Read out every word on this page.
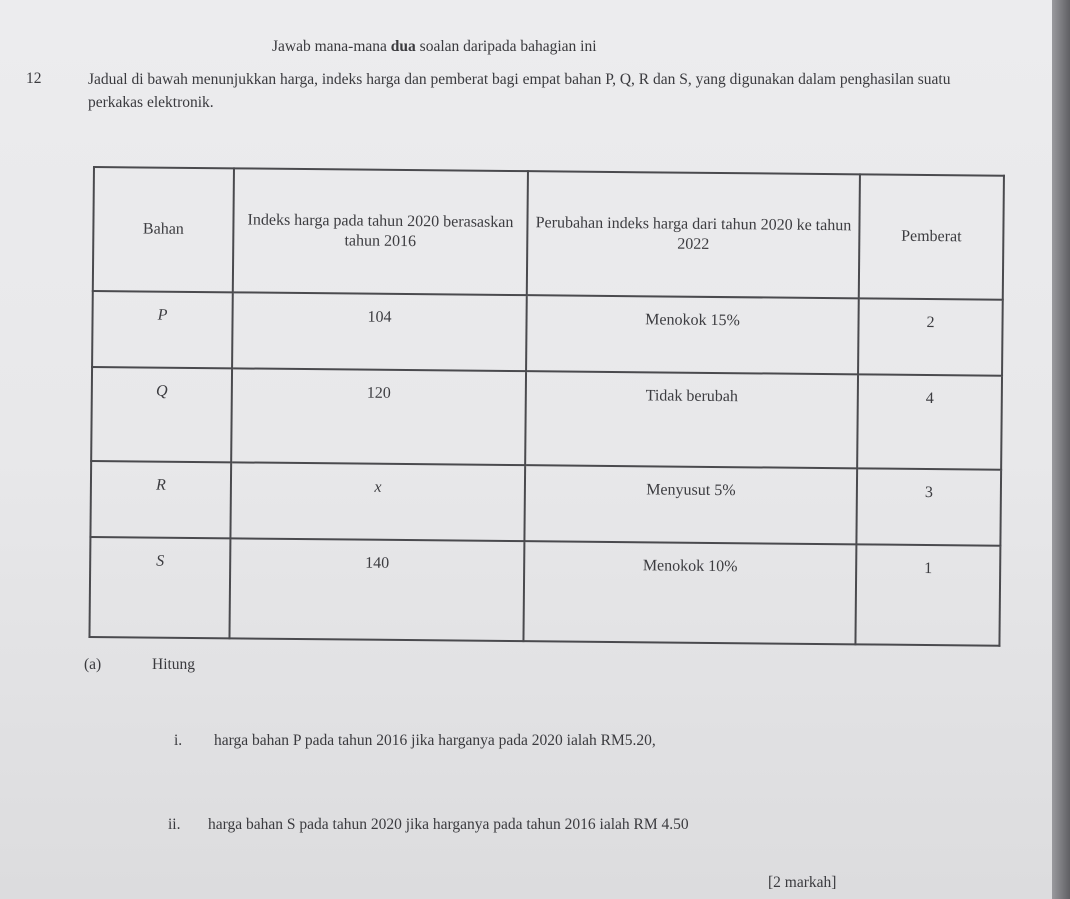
Jawab mana-mana dua soalan daripada bahagian ini
12	Jadual di bawah menunjukkan harga, indeks harga dan pemberat bagi empat bahan P, Q, R dan S, yang digunakan dalam penghasilan suatu perkakas elektronik.
Bahan	Indeks harga pada tahun 2020 berasaskan tahun 2016	Perubahan indeks harga dari tahun 2020 ke tahun 2022	Pemberat
P	104	Menokok 15%	2
Q	120	Tidak berubah	4
R	x	Menyusut 5%	3
S	140	Menokok 10%	1
(a)	Hitung
i. harga bahan P pada tahun 2016 jika harganya pada 2020 ialah RM5.20,
ii. harga bahan S pada tahun 2020 jika harganya pada tahun 2016 ialah RM 4.50
[2 markah]
